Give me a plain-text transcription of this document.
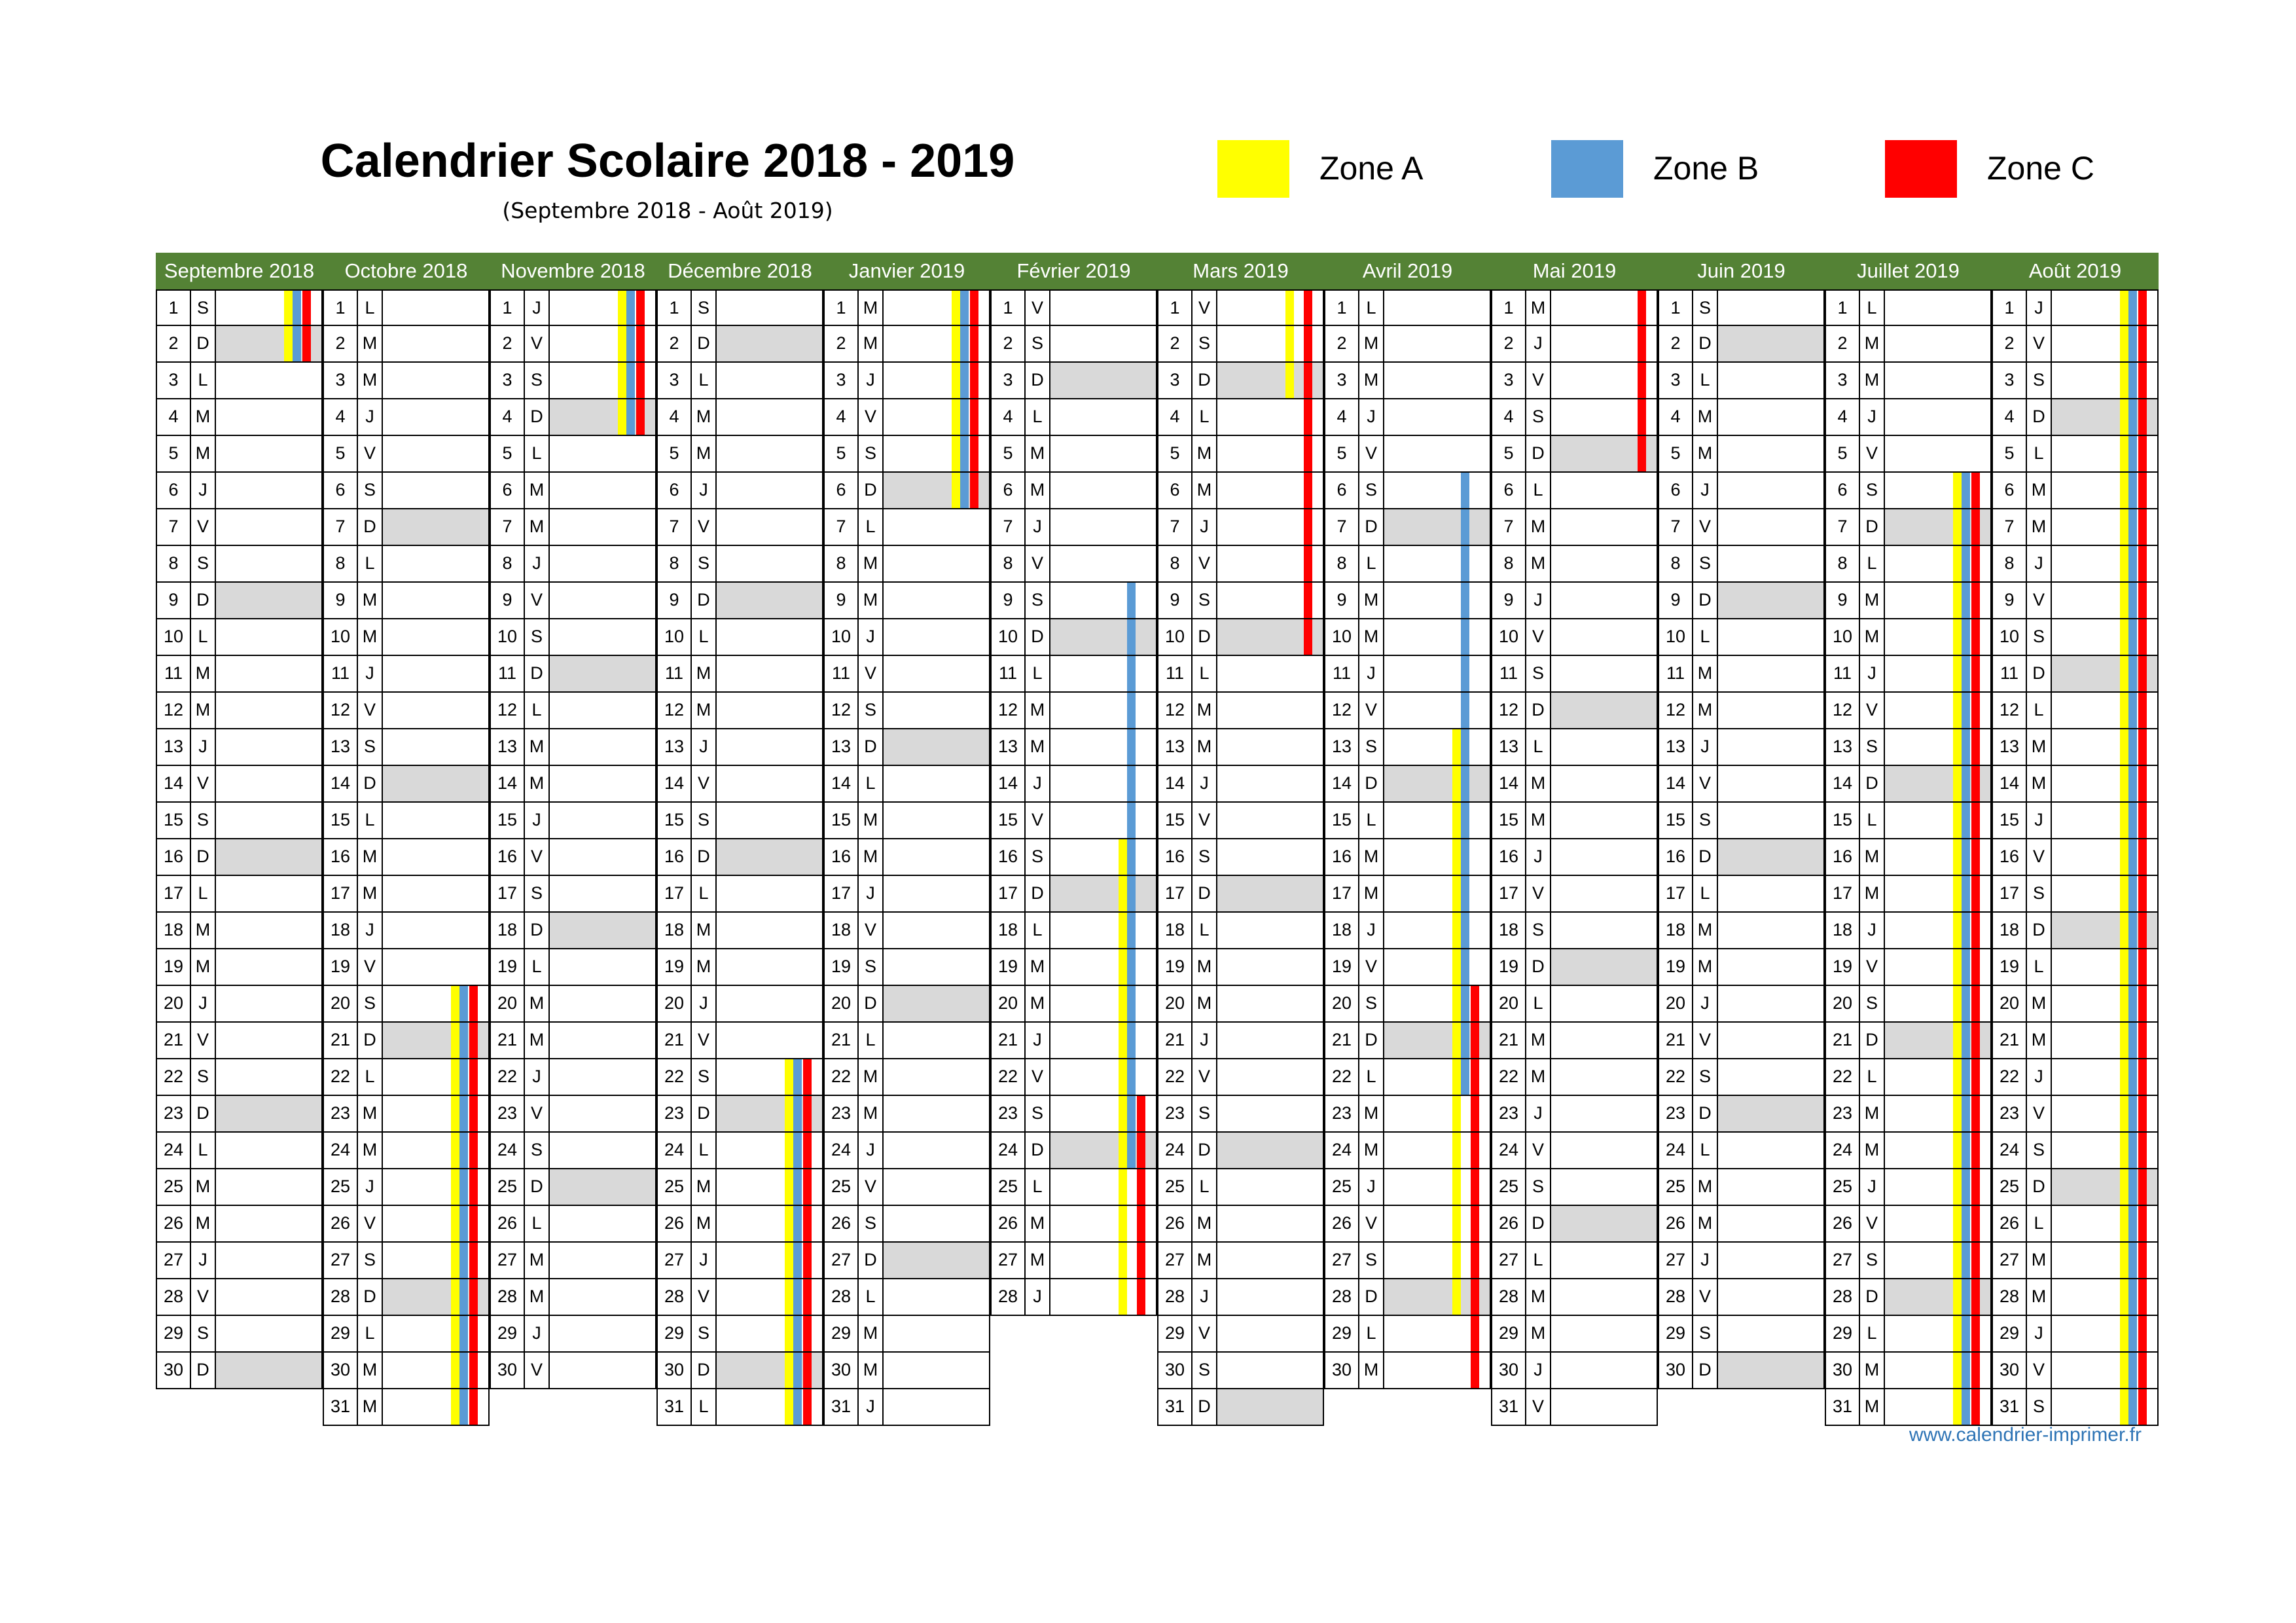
Calendrier Scolaire 2018 - 2019
(Septembre 2018 - Août 2019)
Zone A	Zone B	Zone C
Septembre 2018
1	S
2	D
3	L
4 M
5 M
6	J
7	V
8	S
9	D
10 L
11 M
12 M
13 J
14 V
15 S
16 D
17 L
18 M
19 M
20 J
21 V
22 S
23 D
24 L
25 M
26 M
27 J
28 V
29 S
30 D
Octobre 2018
1	L
2 M
3 M
4	J
5	V
6	S
7	D
8	L
9 M
10 M
11 J
12 V
13 S
14 D
15 L
16 M
17 M
18 J
19 V
20 S
21 D
22 L
23 M
24 M
25 J
26 V
27 S
28 D
29 L
30 M
31 M
Novembre 2018
1	J
2	V
3	S
4	D
5	L
6 M
7 M
8	J
9	V
10 S
11 D
12 L
13 M
14 M
15 J
16 V
17 S
18 D
19 L
20 M
21 M
22 J
23 V
24 S
25 D
26 L
27 M
28 M
29 J
30 V
Décembre 2018
1	S
2	D
3	L
4 M
5 M
6	J
7	V
8	S
9	D
10 L
11 M
12 M
13 J
14 V
15 S
16 D
17 L
18 M
19 M
20 J
21 V
22 S
23 D
24 L
25 M
26 M
27 J
28 V
29 S
30 D
31 L
Janvier 2019
1 M
2 M
3	J
4	V
5	S
6	D
7	L
8 M
9 M
10 J
11 V
12 S
13 D
14 L
15 M
16 M
17 J
18 V
19 S
20 D
21 L
22 M
23 M
24 J
25 V
26 S
27 D
28 L
29 M
30 M
31 J
Février 2019
1	V
2	S
3	D
4	L
5 M
6 M
7	J
8	V
9	S
10 D
11 L
12 M
13 M
14 J
15 V
16 S
17 D
18 L
19 M
20 M
21 J
22 V
23 S
24 D
25 L
26 M
27 M
28 J
Mars 2019
1	V
2	S
3	D
4	L
5 M
6 M
7	J
8	V
9	S
10 D
11 L
12 M
13 M
14 J
15 V
16 S
17 D
18 L
19 M
20 M
21 J
22 V
23 S
24 D
25 L
26 M
27 M
28 J
29 V
30 S
31 D
Avril 2019
1	L
2 M
3 M
4	J
5	V
6	S
7	D
8	L
9 M
10 M
11 J
12 V
13 S
14 D
15 L
16 M
17 M
18 J
19 V
20 S
21 D
22 L
23 M
24 M
25 J
26 V
27 S
28 D
29 L
30 M
Mai 2019
1 M
2	J
3	V
4	S
5	D
6	L
7 M
8 M
9	J
10 V
11 S
12 D
13 L
14 M
15 M
16 J
17 V
18 S
19 D
20 L
21 M
22 M
23 J
24 V
25 S
26 D
27 L
28 M
29 M
30 J
31 V
Juin 2019
1	S
2	D
3	L
4 M
5 M
6	J
7	V
8	S
9	D
10 L
11 M
12 M
13 J
14 V
15 S
16 D
17 L
18 M
19 M
20 J
21 V
22 S
23 D
24 L
25 M
26 M
27 J
28 V
29 S
30 D
Juillet 2019
1	L
2 M
3 M
4	J
5	V
6	S
7	D
8	L
9 M
10 M
11 J
12 V
13 S
14 D
15 L
16 M
17 M
18 J
19 V
20 S
21 D
22 L
23 M
24 M
25 J
26 V
27 S
28 D
29 L
30 M
31 M
Août 2019
1	J
2	V
3	S
4	D
5	L
6 M
7 M
8	J
9	V
10 S
11 D
12 L
13 M
14 M
15 J
16 V
17 S
18 D
19 L
20 M
21 M
22 J
23 V
24 S
25 D
26 L
27 M
28 M
29 J
30 V
31 S
www.calendrier-imprimer.fr
